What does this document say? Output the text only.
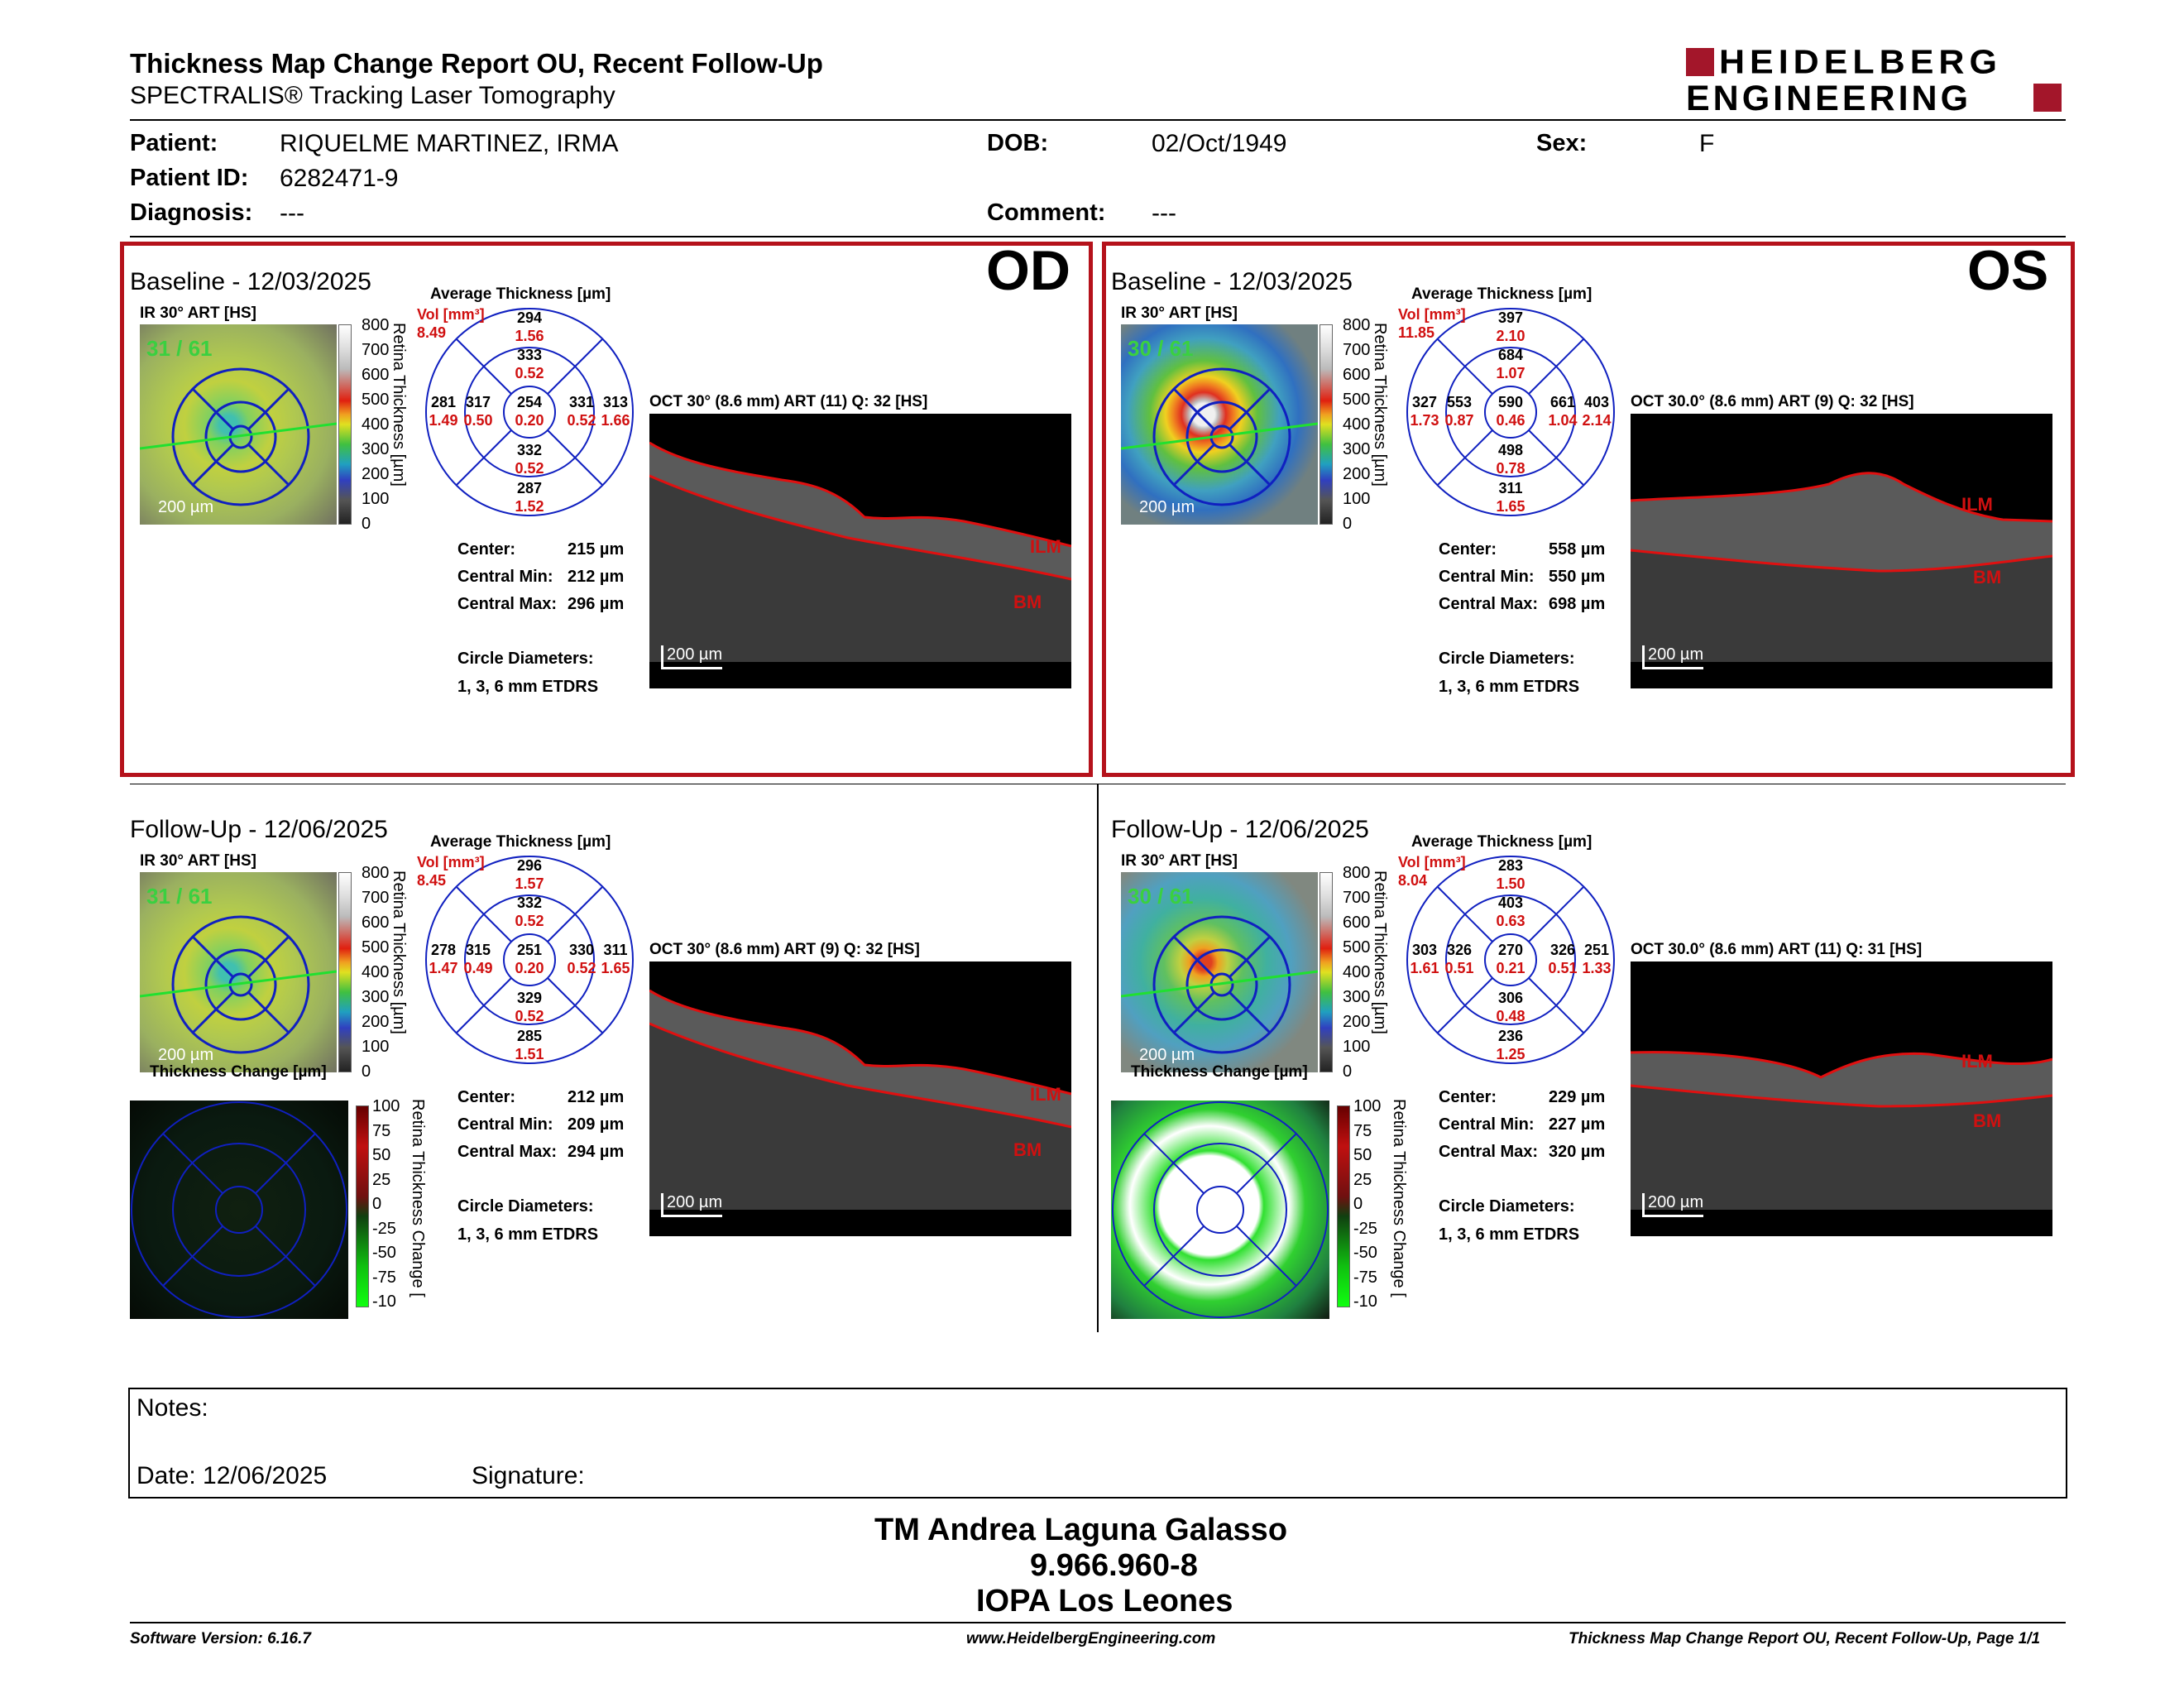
Thickness Map Change Report OU, Recent Follow-Up
SPECTRALIS® Tracking Laser Tomography
HEIDELBERG
ENGINEERING
Patient: RIQUELME MARTINEZ, IRMA
Patient ID: 6282471-9
Diagnosis: ---
DOB:	02/Oct/1949
Comment: ---
Sex:	F
Baseline - 12/03/2025	OD
Average Thickness [µm]
IR 30° ART [HS]
31 / 61
200 µm
800
700
600
500
400
300
200
100
0
Retina Thickness [µm]
294
1.56
333
0.52
281
1.49
317
0.50
254
0.20
331
0.52
313
1.66
332
0.52
287
1.52
Vol [mm³]
8.49
Center:	215 µm
Central Min: 212 µm
Central Max: 296 µm
Circle Diameters:
1, 3, 6 mm ETDRS
OCT 30° (8.6 mm) ART (11) Q: 32 [HS]
ILM
BM
200 µm
Baseline - 12/03/2025	OS
Average Thickness [µm]
IR 30° ART [HS]
30 / 61
200 µm
800
700
600
500
400
300
200
100
0
Retina Thickness [µm]
397
2.10
684
1.07
327
1.73
553
0.87
590
0.46
661
1.04
403
2.14
498
0.78
311
1.65
Vol [mm³]
11.85
Center:	558 µm
Central Min: 550 µm
Central Max: 698 µm
Circle Diameters:
1, 3, 6 mm ETDRS
OCT 30.0° (8.6 mm) ART (9) Q: 32 [HS]
ILM
BM
200 µm
Follow-Up - 12/06/2025	Average Thickness [µm]
IR 30° ART [HS]
31 / 61
200 µm
800
700
600
500
400
300
200
100
0
Retina Thickness [µm]
296
1.57
332
0.52
278
1.47
315
0.49
251
0.20
330
0.52
311
1.65
329
0.52
285
1.51
Vol [mm³]
8.45
Center:	212 µm
Central Min: 209 µm
Central Max: 294 µm
Circle Diameters:
1, 3, 6 mm ETDRS
OCT 30° (8.6 mm) ART (9) Q: 32 [HS]
ILM
BM
200 µm
Thickness Change [µm]
100
75
50
25
0
-25
-50
-75
-10
Retina Thickness Change [
Follow-Up - 12/06/2025	Average Thickness [µm]
IR 30° ART [HS]
30 / 61
200 µm
800
700
600
500
400
300
200
100
0
Retina Thickness [µm]
283
1.50
403
0.63
303
1.61
326
0.51
270
0.21
326
0.51
251
1.33
306
0.48
236
1.25
Vol [mm³]
8.04
Center:	229 µm
Central Min: 227 µm
Central Max: 320 µm
Circle Diameters:
1, 3, 6 mm ETDRS
OCT 30.0° (8.6 mm) ART (11) Q: 31 [HS]
ILM
BM
200 µm
Thickness Change [µm]
100
75
50
25
0
-25
-50
-75
-10
Retina Thickness Change [
Notes:
Date: 12/06/2025	Signature:
TM Andrea Laguna Galasso
9.966.960-8
IOPA Los Leones
Software Version: 6.16.7	www.HeidelbergEngineering.com	Thickness Map Change Report OU, Recent Follow-Up, Page 1/1
